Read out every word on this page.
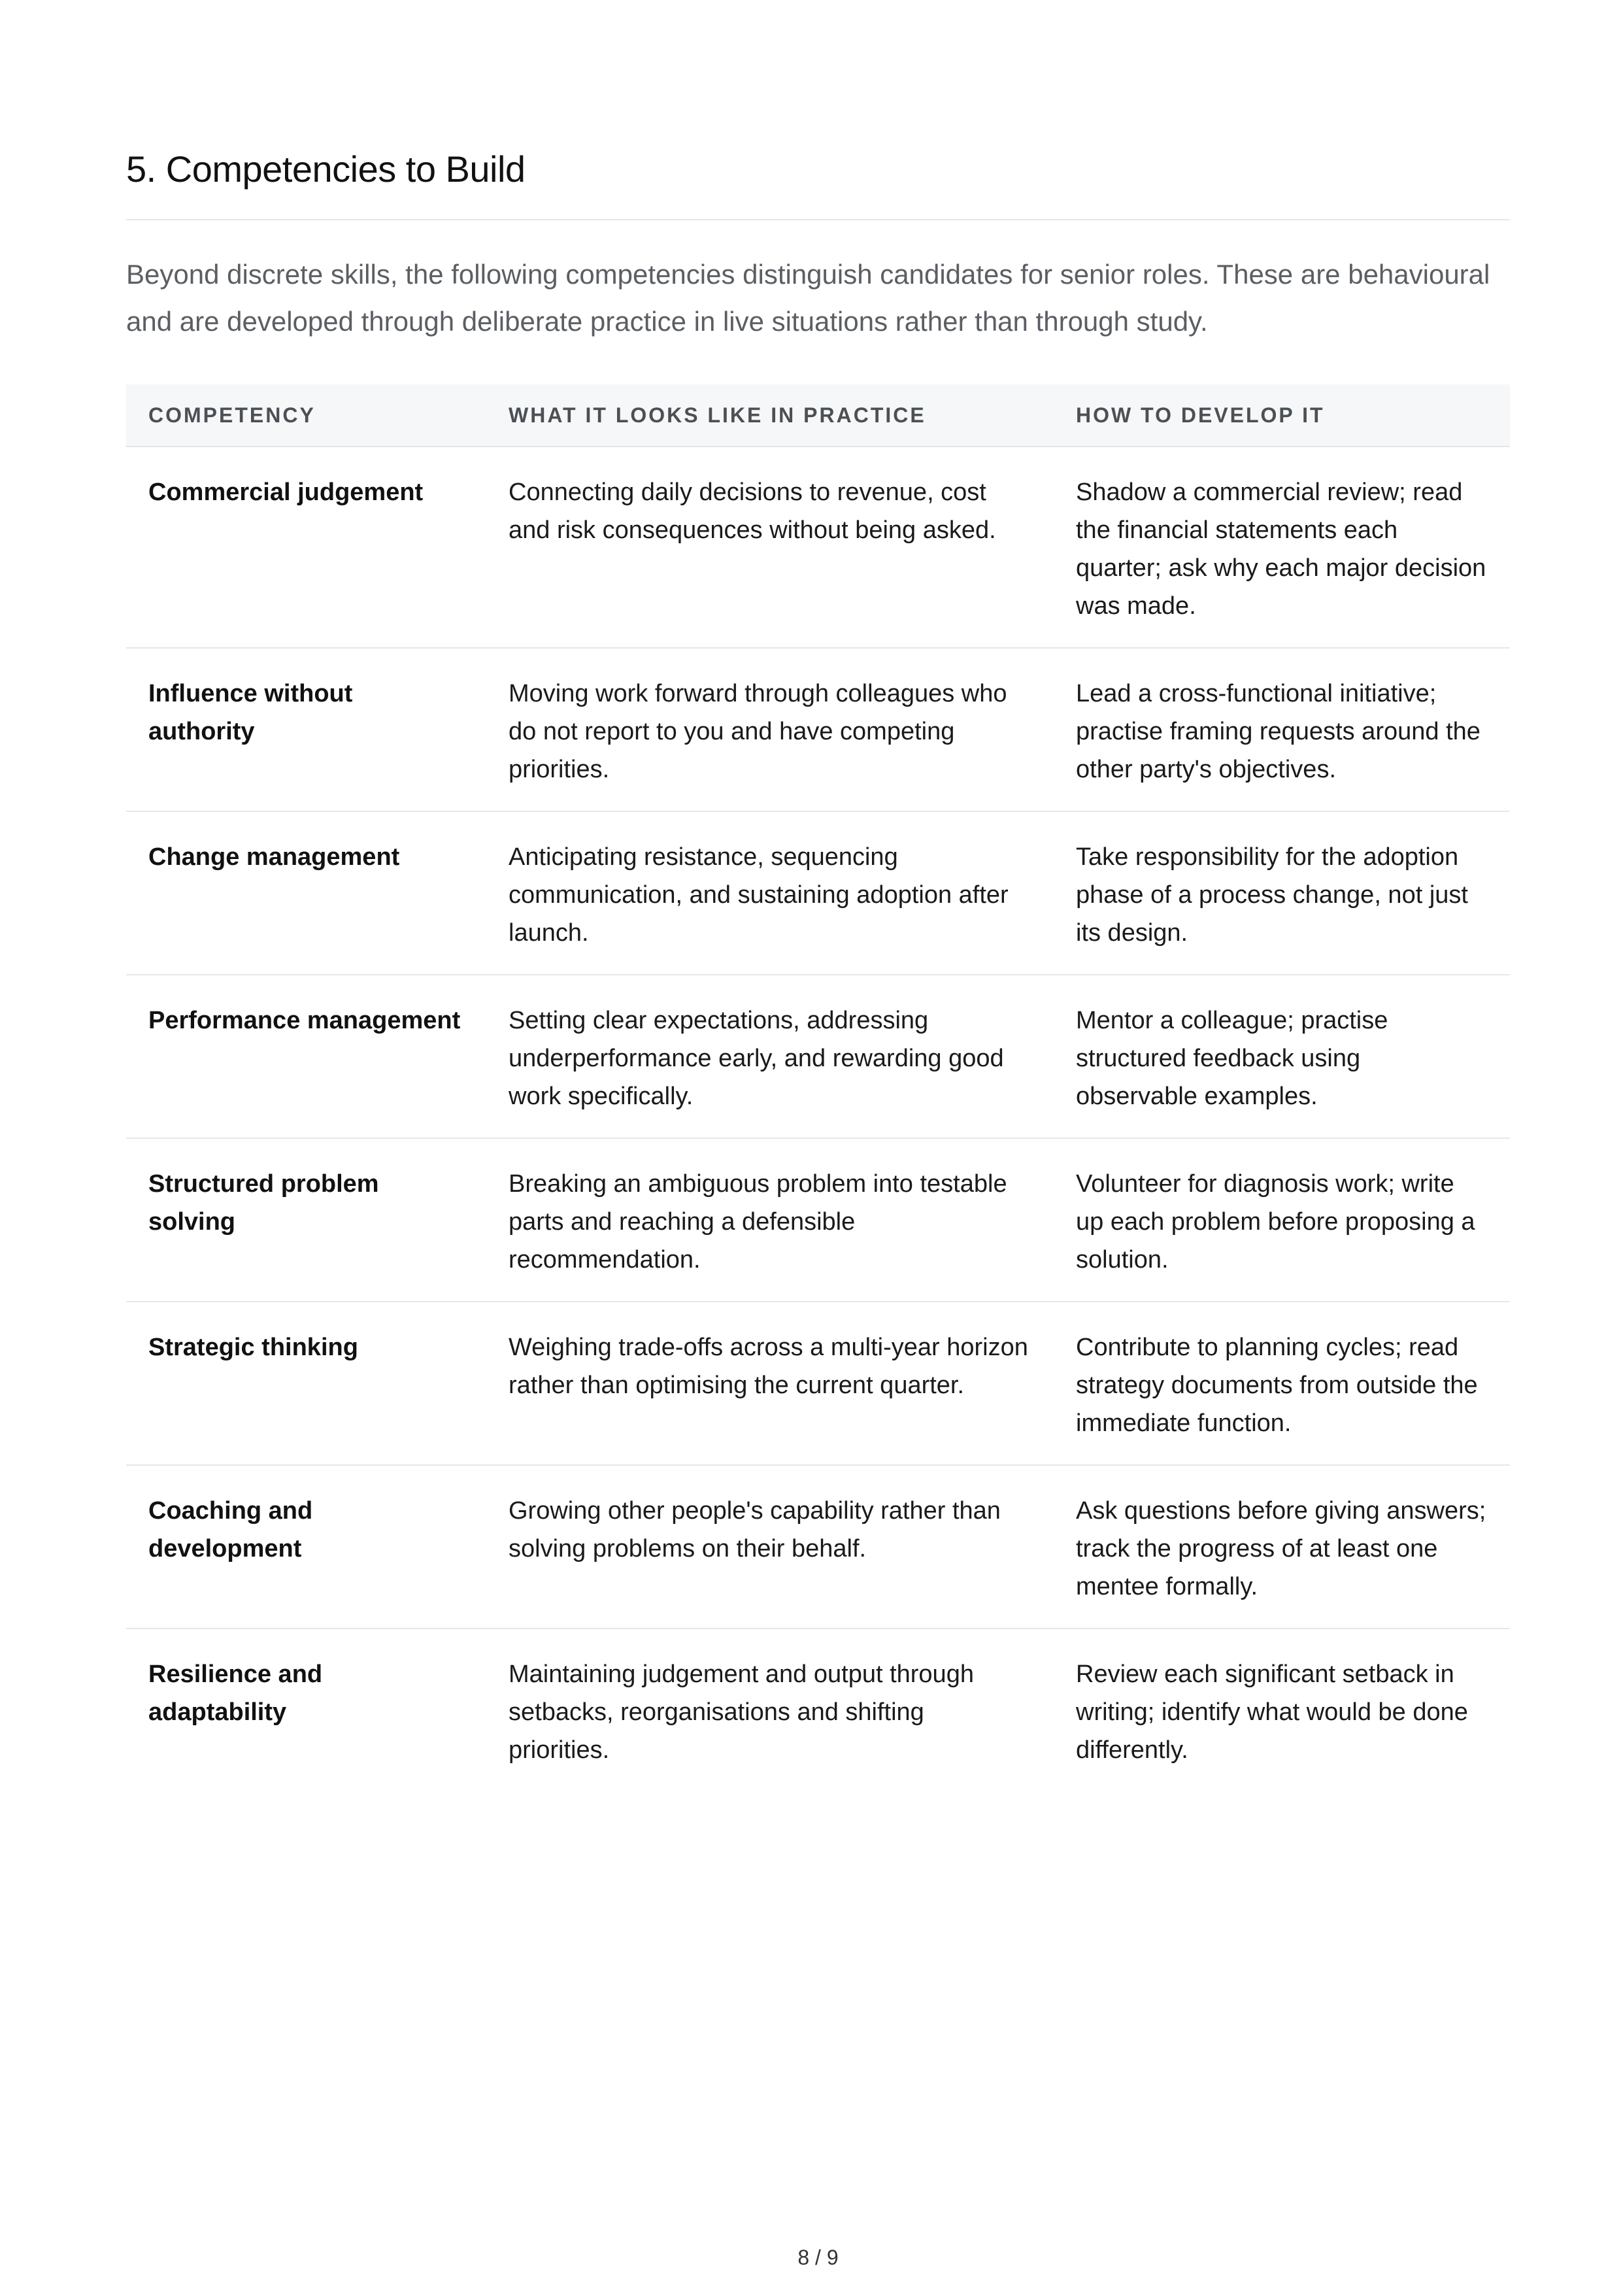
5. Competencies to Build

Beyond discrete skills, the following competencies distinguish candidates for senior roles. These are behavioural and are developed through deliberate practice in live situations rather than through study.

COMPETENCY	WHAT IT LOOKS LIKE IN PRACTICE	HOW TO DEVELOP IT
Commercial judgement	Connecting daily decisions to revenue, cost and risk consequences without being asked.	Shadow a commercial review; read the financial statements each quarter; ask why each major decision was made.
Influence without authority	Moving work forward through colleagues who do not report to you and have competing priorities.	Lead a cross-functional initiative; practise framing requests around the other party's objectives.
Change management	Anticipating resistance, sequencing communication, and sustaining adoption after launch.	Take responsibility for the adoption phase of a process change, not just its design.
Performance management	Setting clear expectations, addressing underperformance early, and rewarding good work specifically.	Mentor a colleague; practise structured feedback using observable examples.
Structured problem solving	Breaking an ambiguous problem into testable parts and reaching a defensible recommendation.	Volunteer for diagnosis work; write up each problem before proposing a solution.
Strategic thinking	Weighing trade-offs across a multi-year horizon rather than optimising the current quarter.	Contribute to planning cycles; read strategy documents from outside the immediate function.
Coaching and development	Growing other people's capability rather than solving problems on their behalf.	Ask questions before giving answers; track the progress of at least one mentee formally.
Resilience and adaptability	Maintaining judgement and output through setbacks, reorganisations and shifting priorities.	Review each significant setback in writing; identify what would be done differently.
8 / 9
